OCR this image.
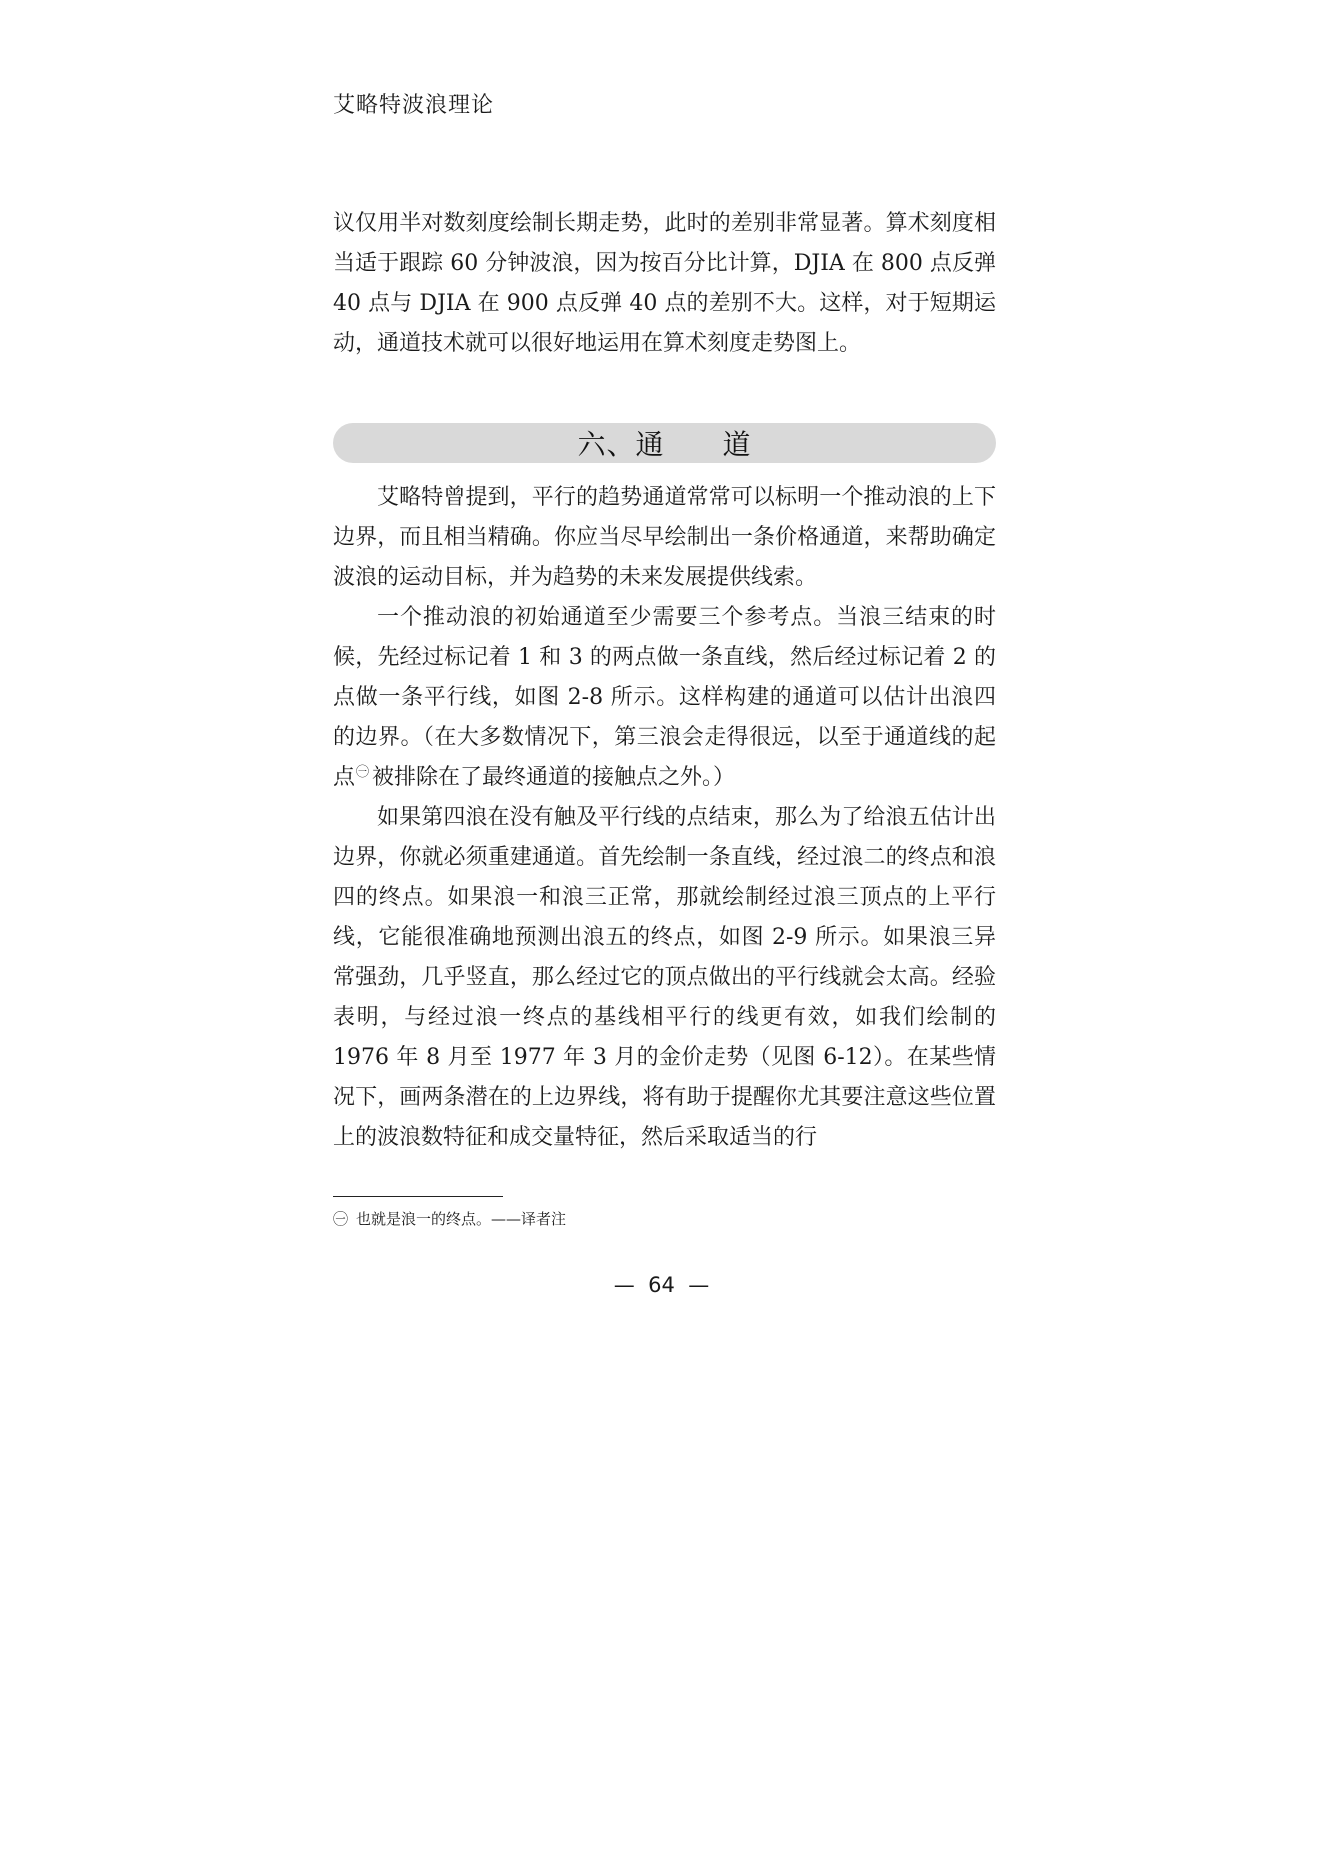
艾略特波浪理论

议仅用半对数刻度绘制长期走势，此时的差别非常显著。算术刻度相当适于跟踪 60 分钟波浪，因为按百分比计算，DJIA 在 800 点反弹 40 点与 DJIA 在 900 点反弹 40 点的差别不大。这样，对于短期运动，通道技术就可以很好地运用在算术刻度走势图上。

六、通　　道

艾略特曾提到，平行的趋势通道常常可以标明一个推动浪的上下边界，而且相当精确。你应当尽早绘制出一条价格通道，来帮助确定波浪的运动目标，并为趋势的未来发展提供线索。

一个推动浪的初始通道至少需要三个参考点。当浪三结束的时候，先经过标记着 1 和 3 的两点做一条直线，然后经过标记着 2 的点做一条平行线，如图 2-8 所示。这样构建的通道可以估计出浪四的边界。（在大多数情况下，第三浪会走得很远，以至于通道线的起点$^㊀$ 被排除在了最终通道的接触点之外。）

如果第四浪在没有触及平行线的点结束，那么为了给浪五估计出边界，你就必须重建通道。首先绘制一条直线，经过浪二的终点和浪四的终点。如果浪一和浪三正常，那就绘制经过浪三顶点的上平行线，它能很准确地预测出浪五的终点，如图 2-9 所示。如果浪三异常强劲，几乎竖直，那么经过它的顶点做出的平行线就会太高。经验表明，与经过浪一终点的基线相平行的线更有效，如我们绘制的 1976 年 8 月至 1977 年 3 月的金价走势（见图 6-12）。在某些情况下，画两条潜在的上边界线，将有助于提醒你尤其要注意这些位置上的波浪数特征和成交量特征，然后采取适当的行

㊀ 也就是浪一的终点。——译者注
—  64  —
